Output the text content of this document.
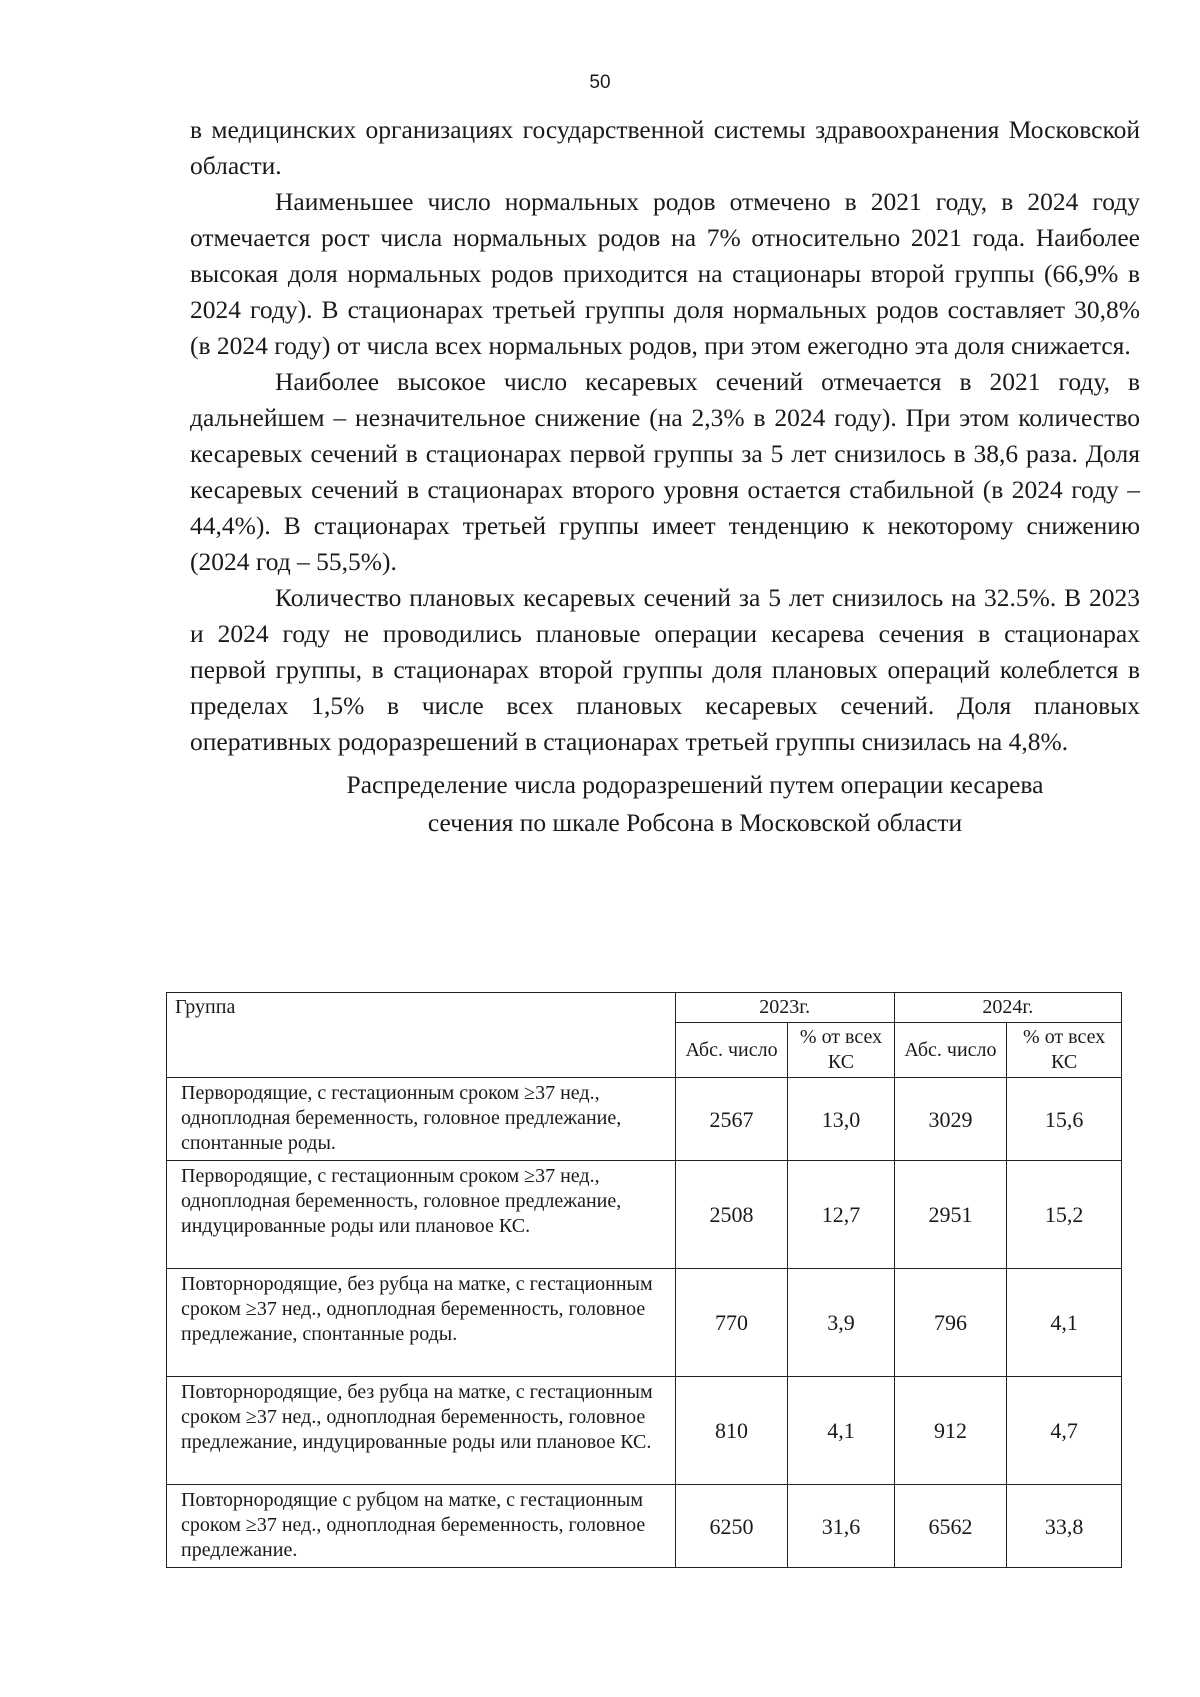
50

в медицинских организациях государственной системы здравоохранения Московской области.

Наименьшее число нормальных родов отмечено в 2021 году, в 2024 году отмечается рост числа нормальных родов на 7% относительно 2021 года. Наиболее высокая доля нормальных родов приходится на стационары второй группы (66,9% в 2024 году). В стационарах третьей группы доля нормальных родов составляет 30,8% (в 2024 году) от числа всех нормальных родов, при этом ежегодно эта доля снижается.

Наиболее высокое число кесаревых сечений отмечается в 2021 году, в дальнейшем – незначительное снижение (на 2,3% в 2024 году). При этом количество кесаревых сечений в стационарах первой группы за 5 лет снизилось в 38,6 раза. Доля кесаревых сечений в стационарах второго уровня остается стабильной (в 2024 году – 44,4%). В стационарах третьей группы имеет тенденцию к некоторому снижению (2024 год – 55,5%).

Количество плановых кесаревых сечений за 5 лет снизилось на 32.5%. В 2023 и 2024 году не проводились плановые операции кесарева сечения в стационарах первой группы, в стационарах второй группы доля плановых операций колеблется в пределах 1,5% в числе всех плановых кесаревых сечений. Доля плановых оперативных родоразрешений в стационарах третьей группы снизилась на 4,8%.

Распределение числа родоразрешений путем операции кесарева
сечения по шкале Робсона в Московской области
Группа	2023г.		2024г.	
	Абс. число	% от всех КС	Абс. число	% от всех КС
Первородящие, с гестационным сроком ≥37 нед., одноплодная беременность, головное предлежание, спонтанные роды.	2567	13,0	3029	15,6
Первородящие, с гестационным сроком ≥37 нед., одноплодная беременность, головное предлежание, индуцированные роды или плановое КС.	2508	12,7	2951	15,2
Повторнородящие, без рубца на матке, с гестационным сроком ≥37 нед., одноплодная беременность, головное предлежание, спонтанные роды.	770	3,9	796	4,1
Повторнородящие, без рубца на матке, с гестационным сроком ≥37 нед., одноплодная беременность, головное предлежание, индуцированные роды или плановое КС.	810	4,1	912	4,7
Повторнородящие с рубцом на матке, с гестационным сроком ≥37 нед., одноплодная беременность, головное предлежание.	6250	31,6	6562	33,8
